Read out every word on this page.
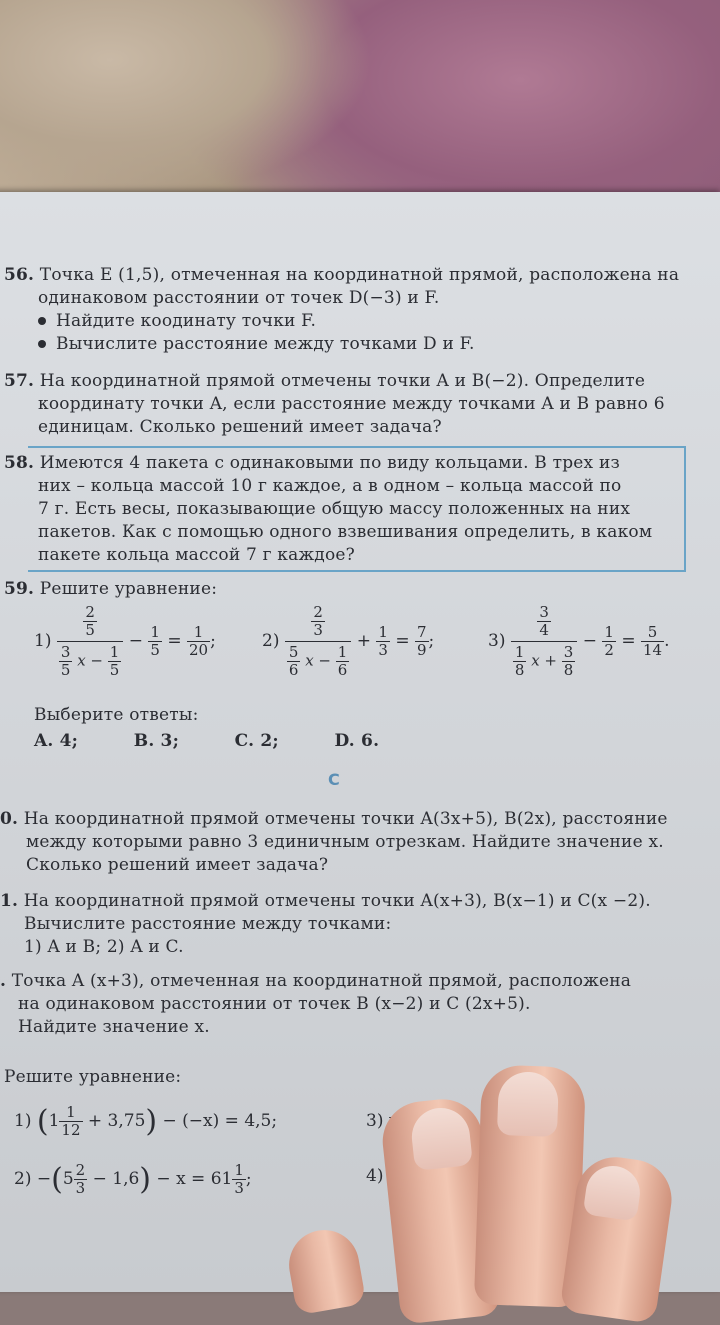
56. Точка E (1,5), отмеченная на координатной прямой, расположена на
одинаковом расстоянии от точек D(−3) и F.
Найдите коодинату точки F.
Вычислите расстояние между точками D и F.
57. На координатной прямой отмечены точки A и B(−2). Определите
координату точки A, если расстояние между точками A и B равно 6
единицам. Сколько решений имеет задача?
58. Имеются 4 пакета с одинаковыми по виду кольцами. В трех из
них – кольца массой 10 г каждое, а в одном – кольца массой по
7 г. Есть весы, показывающие общую массу положенных на них
пакетов. Как с помощью одного взвешивания определить, в каком
пакете кольца массой 7 г каждое?
59. Решите уравнение:
$1) \frac{\frac{2}{5}}{\frac{3}{5} x - \frac{1}{5}} - \frac{1}{5} = \frac{1}{20}$ ;	$2) \frac{\frac{2}{3}}{\frac{5}{6} x - \frac{1}{6}} + \frac{1}{3} = \frac{7}{9}$ ;	$3) \frac{\frac{3}{4}}{\frac{1}{8} x + \frac{3}{8}} - \frac{1}{2} = \frac{5}{14}$ .
Выберите ответы:
A. 4;	B. 3;	C. 2;	D. 6.
C
0. На координатной прямой отмечены точки A(3x+5), B(2x), расстояние
между которыми равно 3 единичным отрезкам. Найдите значение x.
Сколько решений имеет задача?
1. На координатной прямой отмечены точки A(x+3), B(x−1) и C(x −2).
Вычислите расстояние между точками:
1) A и B; 2) A и C.
. Точка A (x+3), отмеченная на координатной прямой, расположена
на одинаковом расстоянии от точек B (x−2) и C (2x+5).
Найдите значение x.
Решите уравнение:
1) $(1 \frac{1}{12} + 3,75) - (-x) = 4,5$;
$2) -(5 \frac{2}{3} - 1,6) - x = 61 \frac{1}{3}$ ;
3)
4)
